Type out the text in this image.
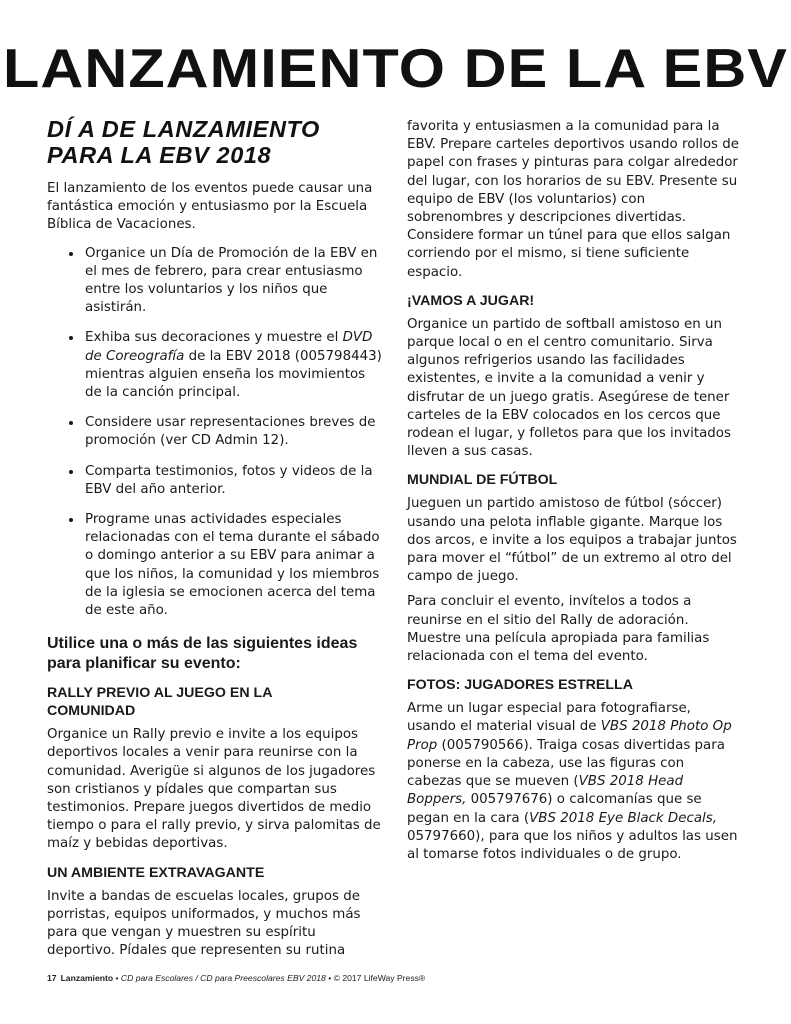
LANZAMIENTO DE LA EBV
DÍ A DE LANZAMIENTO PARA LA EBV 2018

El lanzamiento de los eventos puede causar una fantástica emoción y entusiasmo por la Escuela Bíblica de Vacaciones.

• Organice un Día de Promoción de la EBV en el mes de febrero, para crear entusiasmo entre los voluntarios y los niños que asistirán.
• Exhiba sus decoraciones y muestre el DVD de Coreografía de la EBV 2018 (005798443) mientras alguien enseña los movimientos de la canción principal.
• Considere usar representaciones breves de promoción (ver CD Admin 12).
• Comparta testimonios, fotos y videos de la EBV del año anterior.
• Programe unas actividades especiales relacionadas con el tema durante el sábado o domingo anterior a su EBV para animar a que los niños, la comunidad y los miembros de la iglesia se emocionen acerca del tema de este año.
Utilice una o más de las siguientes ideas para planificar su evento:
RALLY PREVIO AL JUEGO EN LA COMUNIDAD

Organice un Rally previo e invite a los equipos deportivos locales a venir para reunirse con la comunidad. Averigüe si algunos de los jugadores son cristianos y pídales que compartan sus testimonios. Prepare juegos divertidos de medio tiempo o para el rally previo, y sirva palomitas de maíz y bebidas deportivas.

UN AMBIENTE EXTRAVAGANTE

Invite a bandas de escuelas locales, grupos de porristas, equipos uniformados, y muchos más para que vengan y muestren su espíritu deportivo. Pídales que representen su rutina

favorita y entusiasmen a la comunidad para la EBV. Prepare carteles deportivos usando rollos de papel con frases y pinturas para colgar alrededor del lugar, con los horarios de su EBV. Presente su equipo de EBV (los voluntarios) con sobrenombres y descripciones divertidas. Considere formar un túnel para que ellos salgan corriendo por el mismo, si tiene suficiente espacio.

¡VAMOS A JUGAR!

Organice un partido de softball amistoso en un parque local o en el centro comunitario. Sirva algunos refrigerios usando las facilidades existentes, e invite a la comunidad a venir y disfrutar de un juego gratis. Asegúrese de tener carteles de la EBV colocados en los cercos que rodean el lugar, y folletos para que los invitados lleven a sus casas.

MUNDIAL DE FÚTBOL

Jueguen un partido amistoso de fútbol (sóccer) usando una pelota inflable gigante. Marque los dos arcos, e invite a los equipos a trabajar juntos para mover el “fútbol” de un extremo al otro del campo de juego.

Para concluir el evento, invítelos a todos a reunirse en el sitio del Rally de adoración. Muestre una película apropiada para familias relacionada con el tema del evento.

FOTOS: JUGADORES ESTRELLA

Arme un lugar especial para fotografiarse, usando el material visual de VBS 2018 Photo Op Prop (005790566). Traiga cosas divertidas para ponerse en la cabeza, use las figuras con cabezas que se mueven (VBS 2018 Head Boppers, 005797676) o calcomanías que se pegan en la cara (VBS 2018 Eye Black Decals, 05797660), para que los niños y adultos las usen al tomarse fotos individuales o de grupo.

17 Lanzamiento • CD para Escolares / CD para Preescolares EBV 2018 • © 2017 LifeWay Press®
